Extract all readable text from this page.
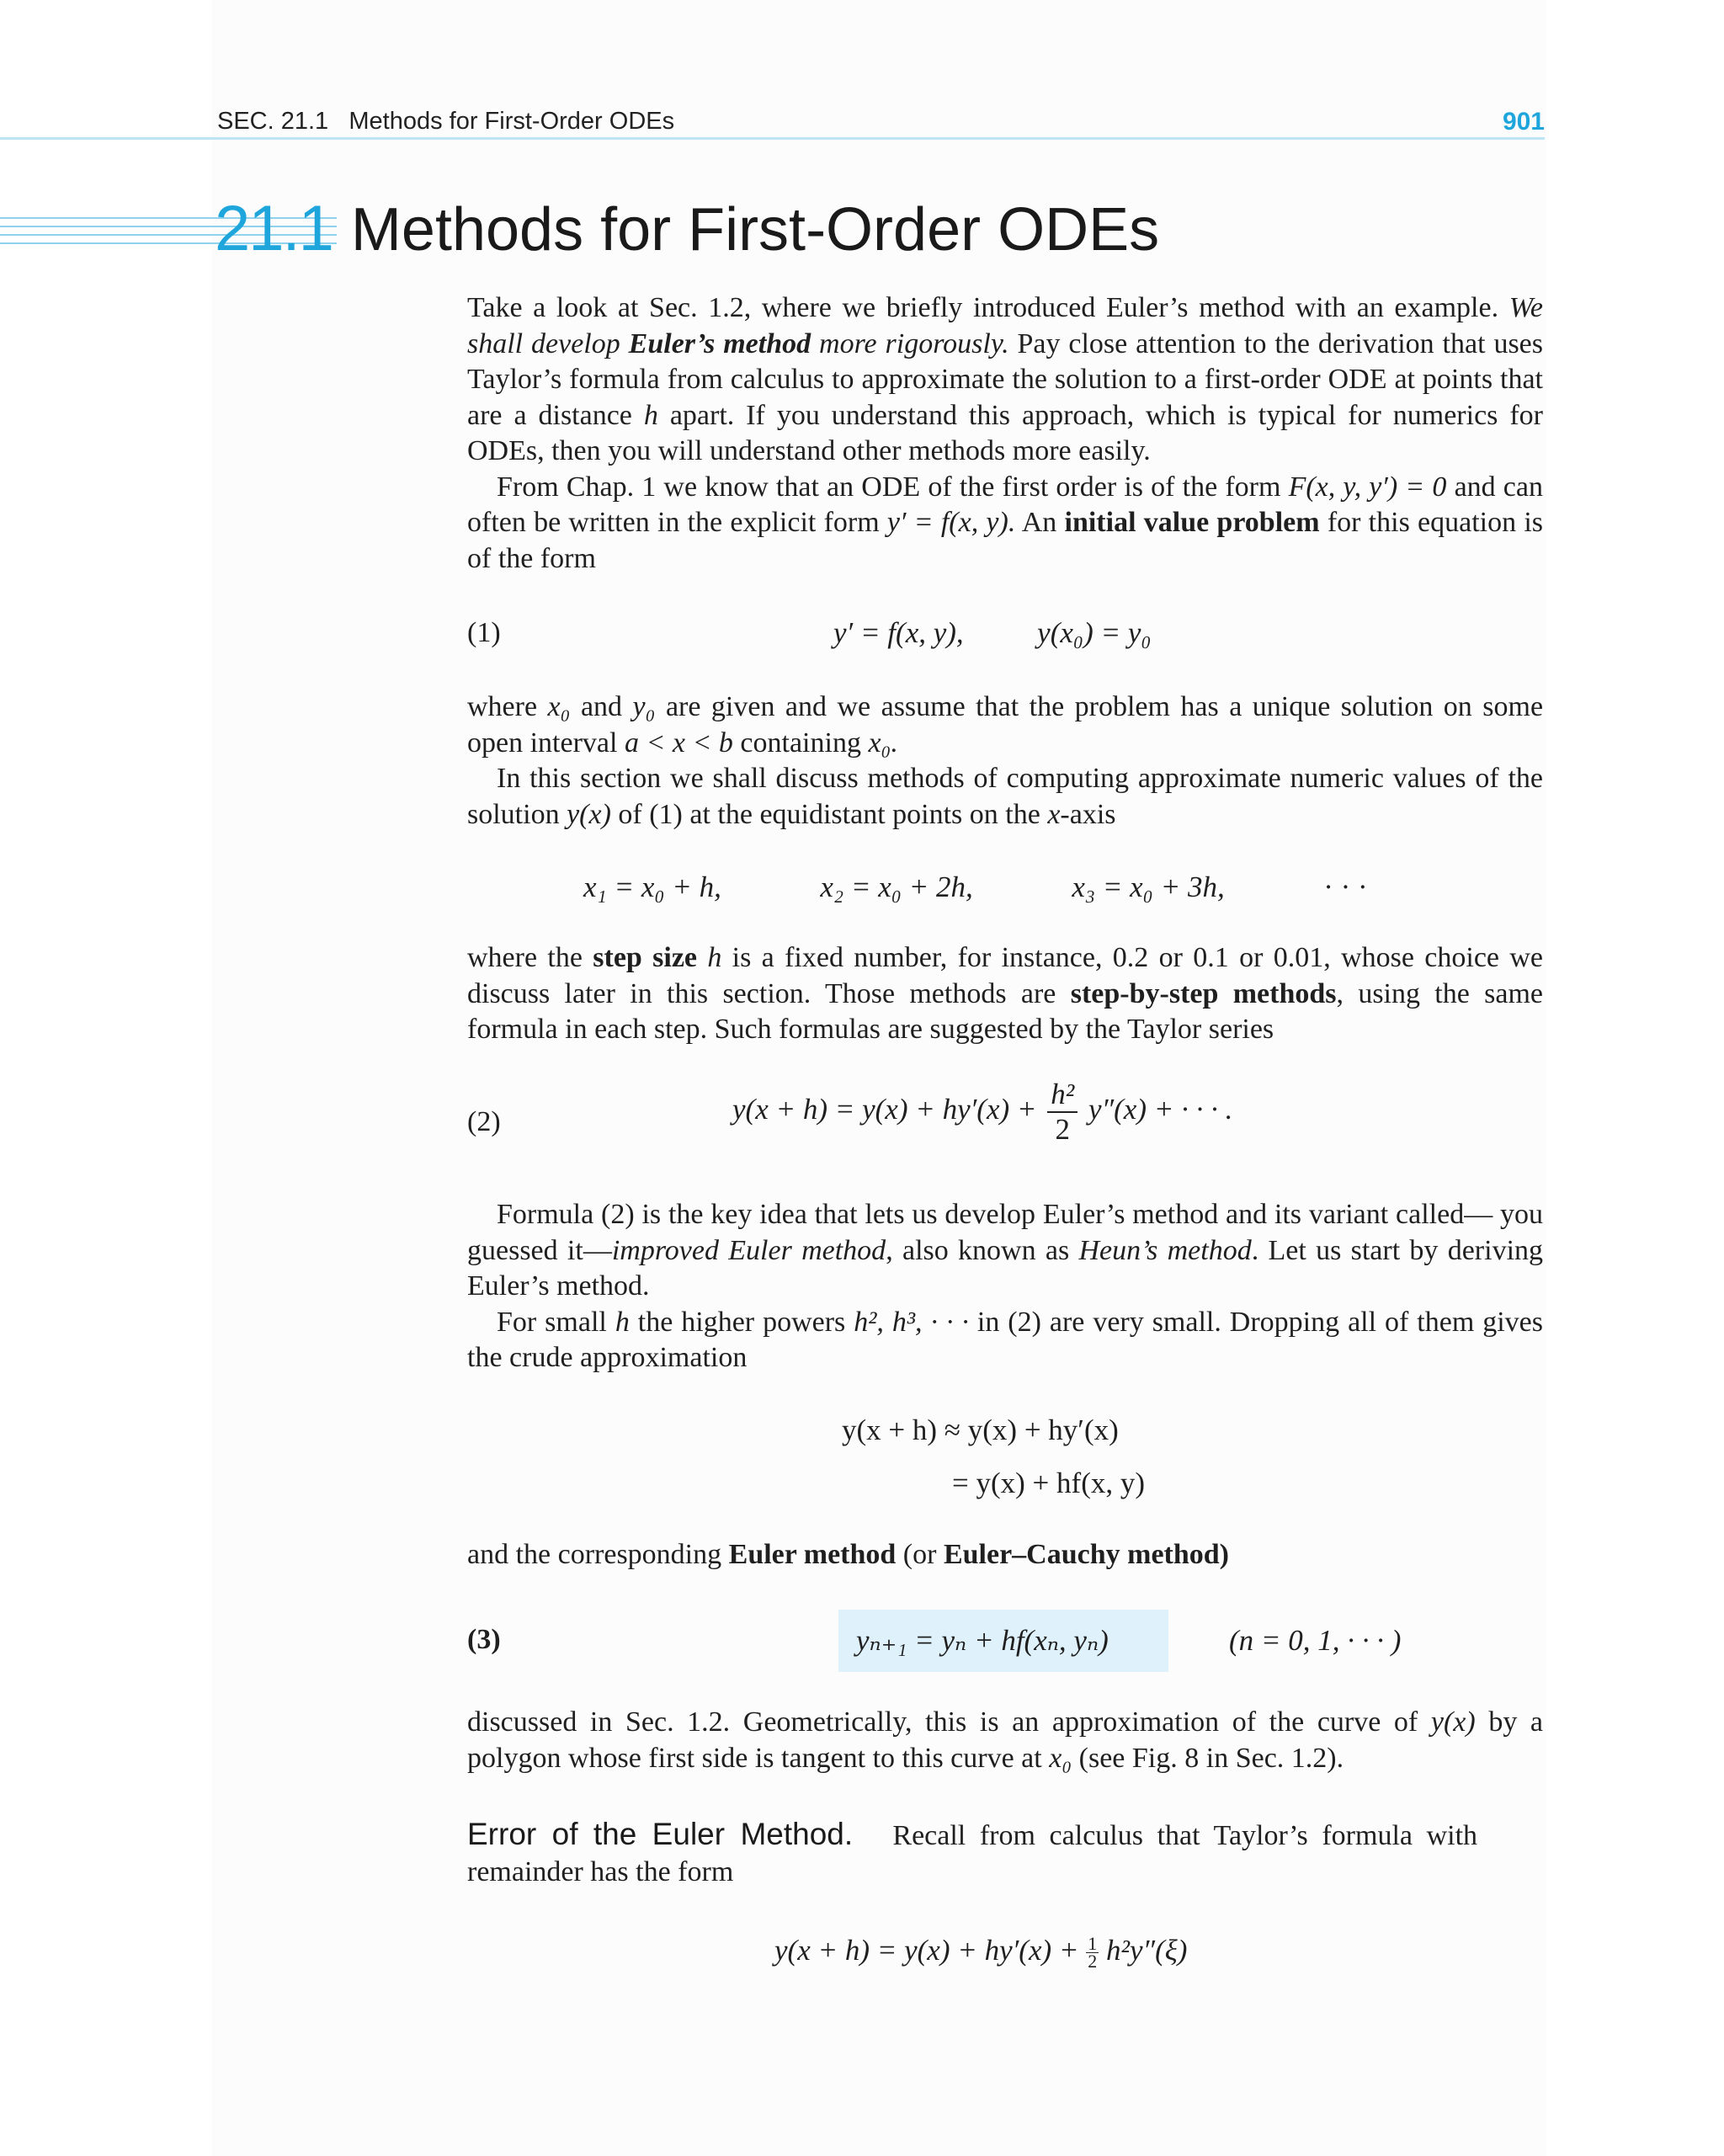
SEC. 21.1   Methods for First-Order ODEs	901
21.1 Methods for First-Order ODEs

Take a look at Sec. 1.2, where we briefly introduced Euler’s method with an example. We shall develop Euler’s method more rigorously. Pay close attention to the derivation that uses Taylor’s formula from calculus to approximate the solution to a first-order ODE at points that are a distance h apart. If you understand this approach, which is typical for numerics for ODEs, then you will understand other methods more easily.

From Chap. 1 we know that an ODE of the first order is of the form F(x, y, y′) = 0 and can often be written in the explicit form y′ = f(x, y). An initial value problem for this equation is of the form

(1)	y′ = f(x, y),	y(x₀) = y₀

where x₀ and y₀ are given and we assume that the problem has a unique solution on some open interval a < x < b containing x₀.

In this section we shall discuss methods of computing approximate numeric values of the solution y(x) of (1) at the equidistant points on the x-axis

x₁ = x₀ + h,	x₂ = x₀ + 2h,	x₃ = x₀ + 3h,	· · ·

where the step size h is a fixed number, for instance, 0.2 or 0.1 or 0.01, whose choice we discuss later in this section. Those methods are step-by-step methods, using the same formula in each step. Such formulas are suggested by the Taylor series

(2)	$y(x + h) = y(x) + hy'(x) + \frac{\text{h²}}{2} y''(x)$ + · · · .

Formula (2) is the key idea that lets us develop Euler’s method and its variant called— you guessed it—improved Euler method, also known as Heun’s method. Let us start by deriving Euler’s method.

For small h the higher powers h², h³, · · · in (2) are very small. Dropping all of them gives the crude approximation

y(x + h) ≈ y(x) + hy′(x)
= y(x) + hf(x, y)

and the corresponding Euler method (or Euler–Cauchy method)

(3)	yₙ₊₁ = yₙ + hf(xₙ, yₙ)	(n = 0, 1, · · · )

discussed in Sec. 1.2. Geometrically, this is an approximation of the curve of y(x) by a polygon whose first side is tangent to this curve at x₀ (see Fig. 8 in Sec. 1.2).

Error of the Euler Method. Recall from calculus that Taylor’s formula with remainder has the form

$y(x + h) = y(x) + hy'(x) + \frac{1}{2} h^2y''(\xi)$
